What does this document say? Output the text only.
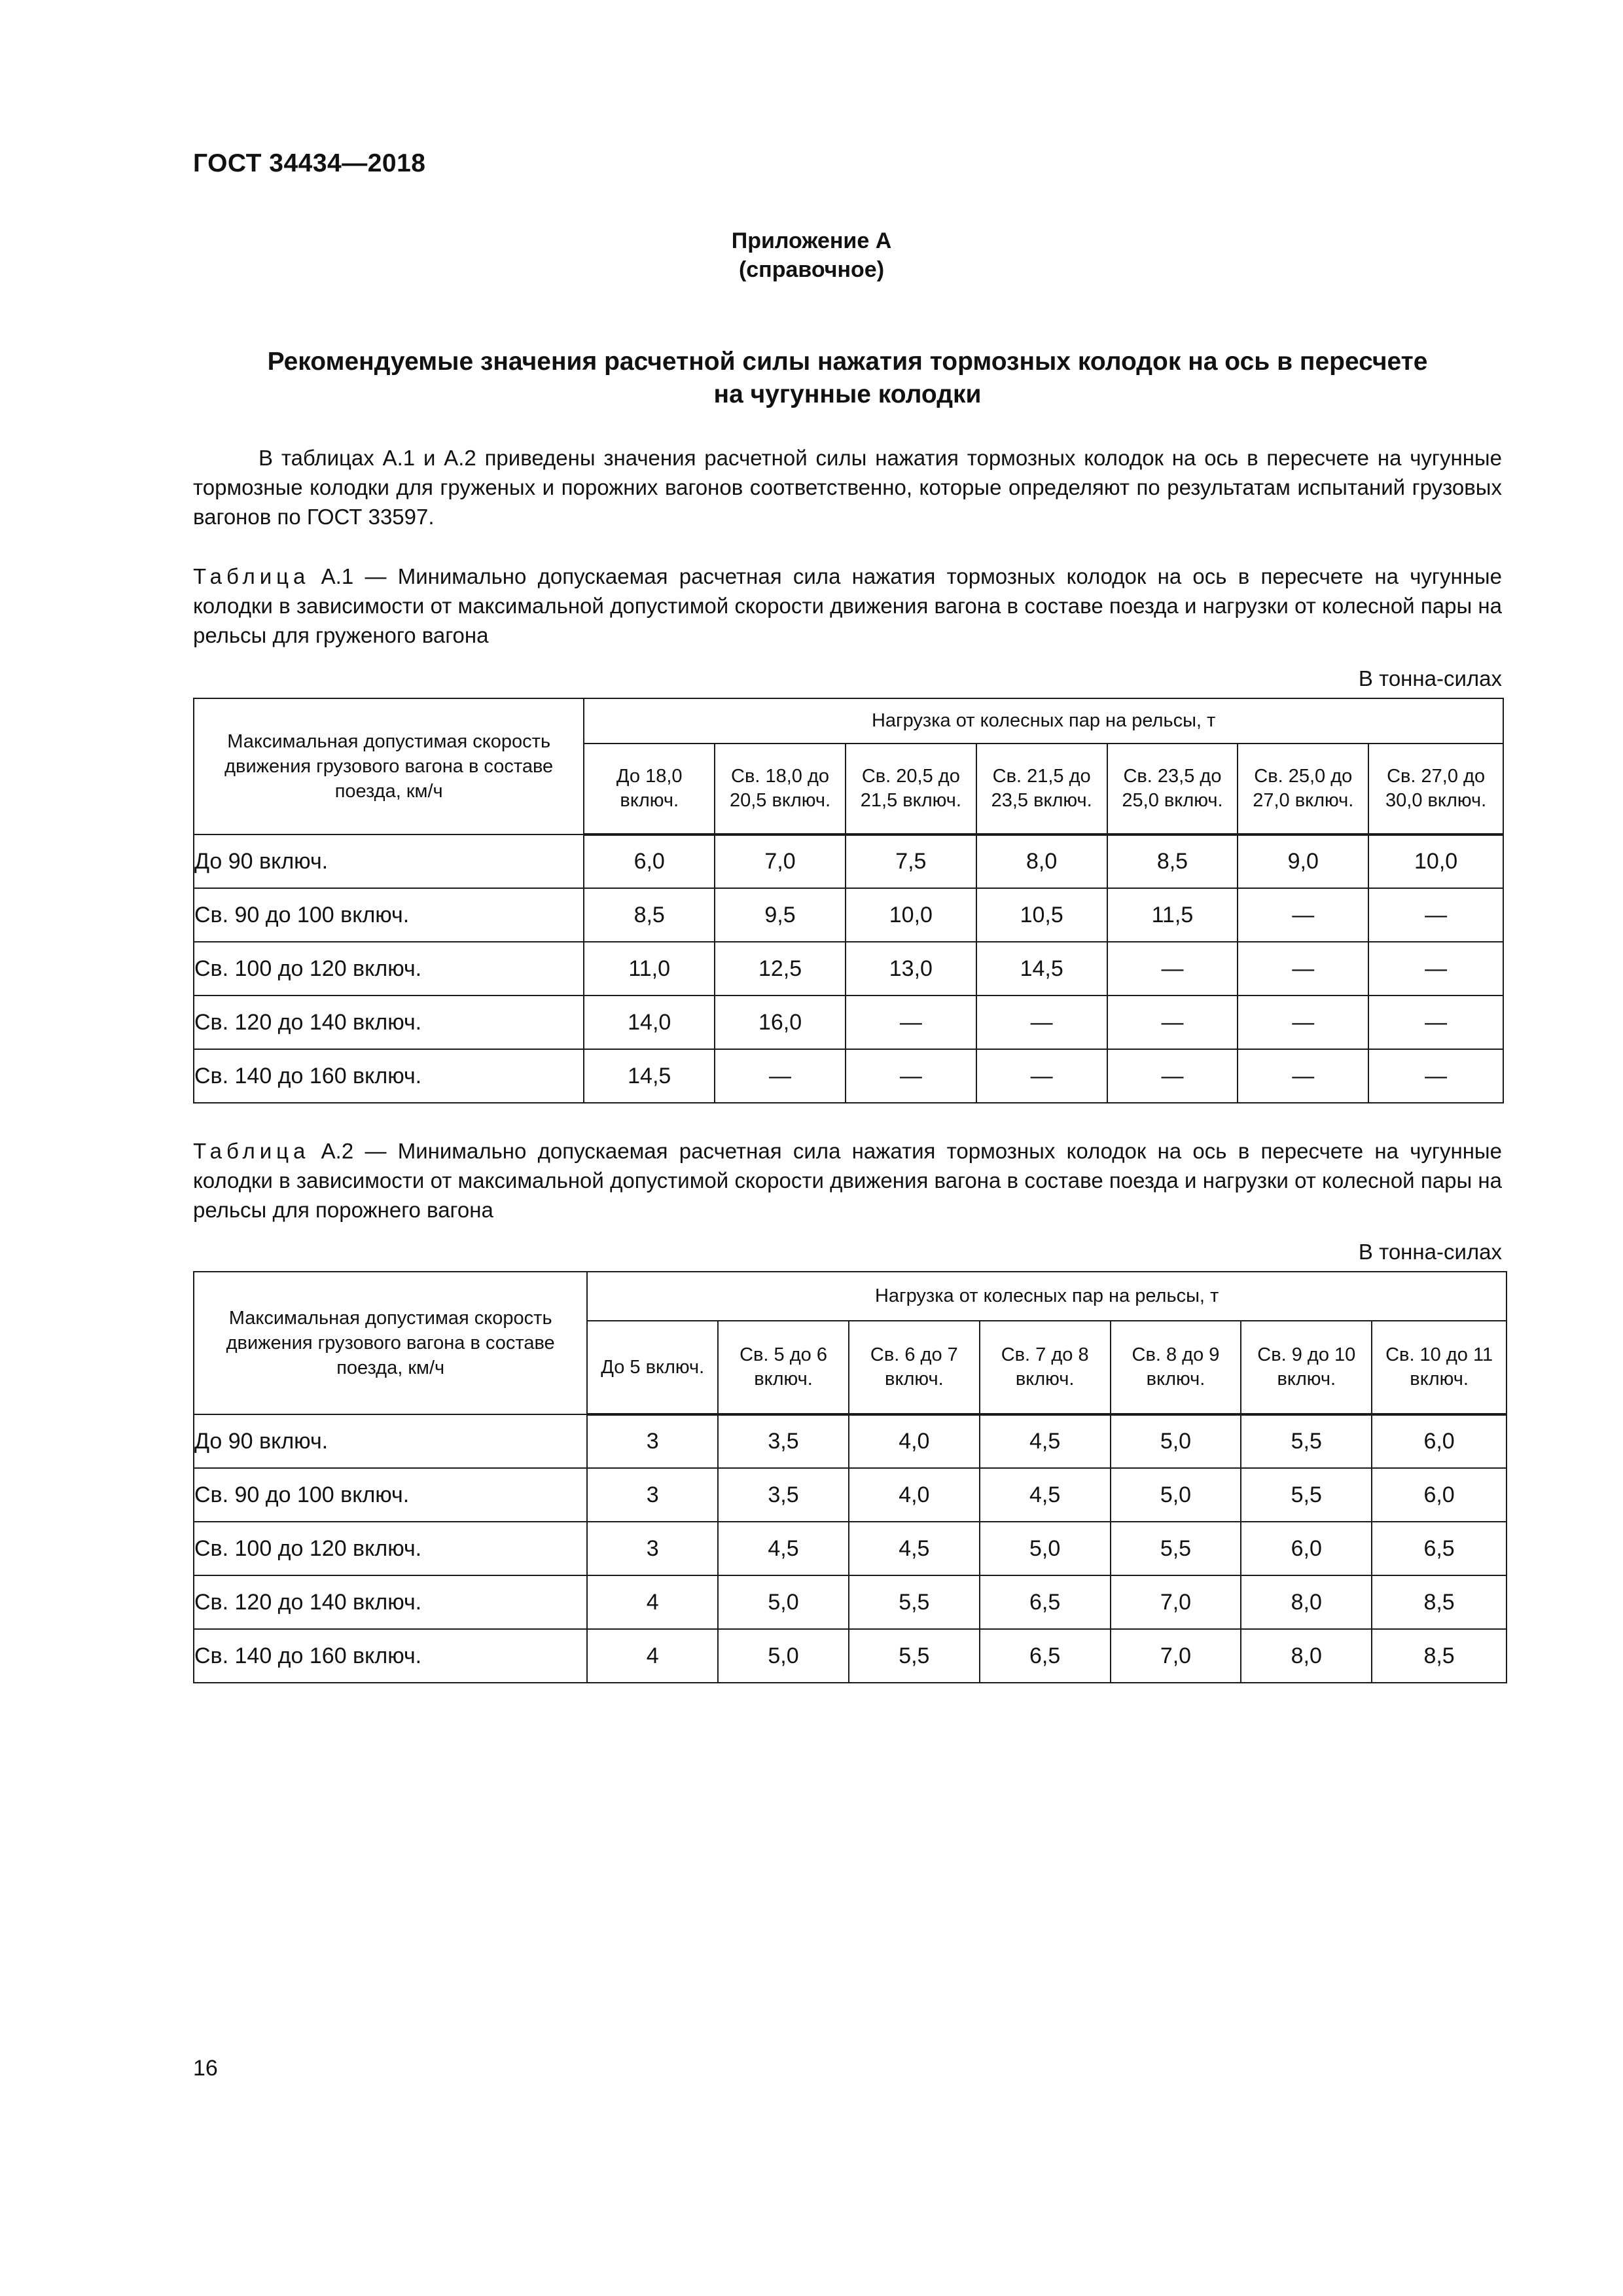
ГОСТ 34434—2018
Приложение А
(справочное)
Рекомендуемые значения расчетной силы нажатия тормозных колодок на ось в пересчете
на чугунные колодки
В таблицах А.1 и А.2 приведены значения расчетной силы нажатия тормозных колодок на ось в пересчете на чугунные тормозные колодки для груженых и порожних вагонов соответственно, которые определяют по результатам испытаний грузовых вагонов по ГОСТ 33597.
Таблица А.1 — Минимально допускаемая расчетная сила нажатия тормозных колодок на ось в пересчете на чугунные колодки в зависимости от максимальной допустимой скорости движения вагона в составе поезда и нагрузки от колесной пары на рельсы для груженого вагона
В тонна-силах
Максимальная допустимая скорость движения грузового вагона в составе поезда, км/ч	Нагрузка от колесных пар на рельсы, т						
	До 18,0 включ.	Св. 18,0 до 20,5 включ.	Св. 20,5 до 21,5 включ.	Св. 21,5 до 23,5 включ.	Св. 23,5 до 25,0 включ.	Св. 25,0 до 27,0 включ.	Св. 27,0 до 30,0 включ.
До 90 включ.	6,0	7,0	7,5	8,0	8,5	9,0	10,0
Св. 90 до 100 включ.	8,5	9,5	10,0	10,5	11,5	—	—
Св. 100 до 120 включ.	11,0	12,5	13,0	14,5	—	—	—
Св. 120 до 140 включ.	14,0	16,0	—	—	—	—	—
Св. 140 до 160 включ.	14,5	—	—	—	—	—	—
Таблица А.2 — Минимально допускаемая расчетная сила нажатия тормозных колодок на ось в пересчете на чугунные колодки в зависимости от максимальной допустимой скорости движения вагона в составе поезда и нагрузки от колесной пары на рельсы для порожнего вагона
В тонна-силах
Максимальная допустимая скорость движения грузового вагона в составе поезда, км/ч	Нагрузка от колесных пар на рельсы, т						
	До 5 включ.	Св. 5 до 6 включ.	Св. 6 до 7 включ.	Св. 7 до 8 включ.	Св. 8 до 9 включ.	Св. 9 до 10 включ.	Св. 10 до 11 включ.
До 90 включ.	3	3,5	4,0	4,5	5,0	5,5	6,0
Св. 90 до 100 включ.	3	3,5	4,0	4,5	5,0	5,5	6,0
Св. 100 до 120 включ.	3	4,5	4,5	5,0	5,5	6,0	6,5
Св. 120 до 140 включ.	4	5,0	5,5	6,5	7,0	8,0	8,5
Св. 140 до 160 включ.	4	5,0	5,5	6,5	7,0	8,0	8,5
16
